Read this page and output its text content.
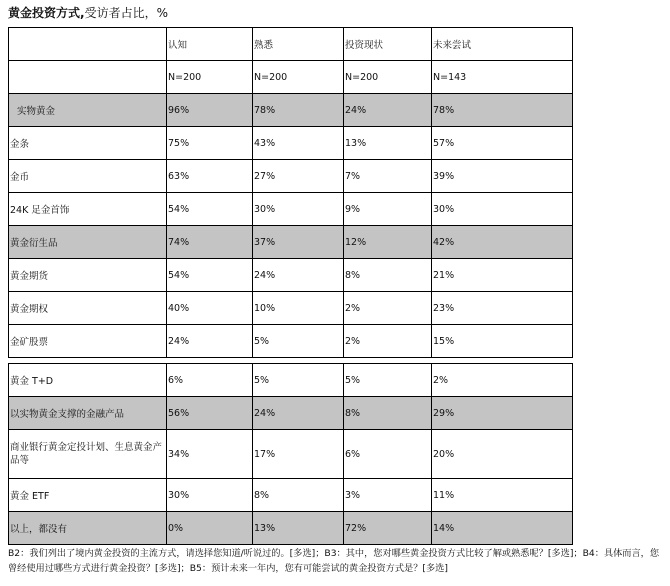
黄金投资方式,受访者占比，%
	认知	熟悉	投资现状	未来尝试
	N=200	N=200	N=200	N=143
实物黄金	96%	78%	24%	78%
金条	75%	43%	13%	57%
金币	63%	27%	7%	39%
24K 足金首饰	54%	30%	9%	30%
黄金衍生品	74%	37%	12%	42%
黄金期货	54%	24%	8%	21%
黄金期权	40%	10%	2%	23%
金矿股票	24%	5%	2%	15%

黄金 T+D	6%	5%	5%	2%
以实物黄金支撑的金融产品	56%	24%	8%	29%
商业银行黄金定投计划、生息黄金产品等	34%	17%	6%	20%
黄金 ETF	30%	8%	3%	11%
以上，都没有	0%	13%	72%	14%
B2：我们列出了境内黄金投资的主流方式，请选择您知道/听说过的。[多选]；B3：其中，您对哪些黄金投资方式比较了解或熟悉呢？[多选]；B4：具体而言，您曾经使用过哪些方式进行黄金投资？[多选]；B5：预计未来一年内，您有可能尝试的黄金投资方式是？[多选]
